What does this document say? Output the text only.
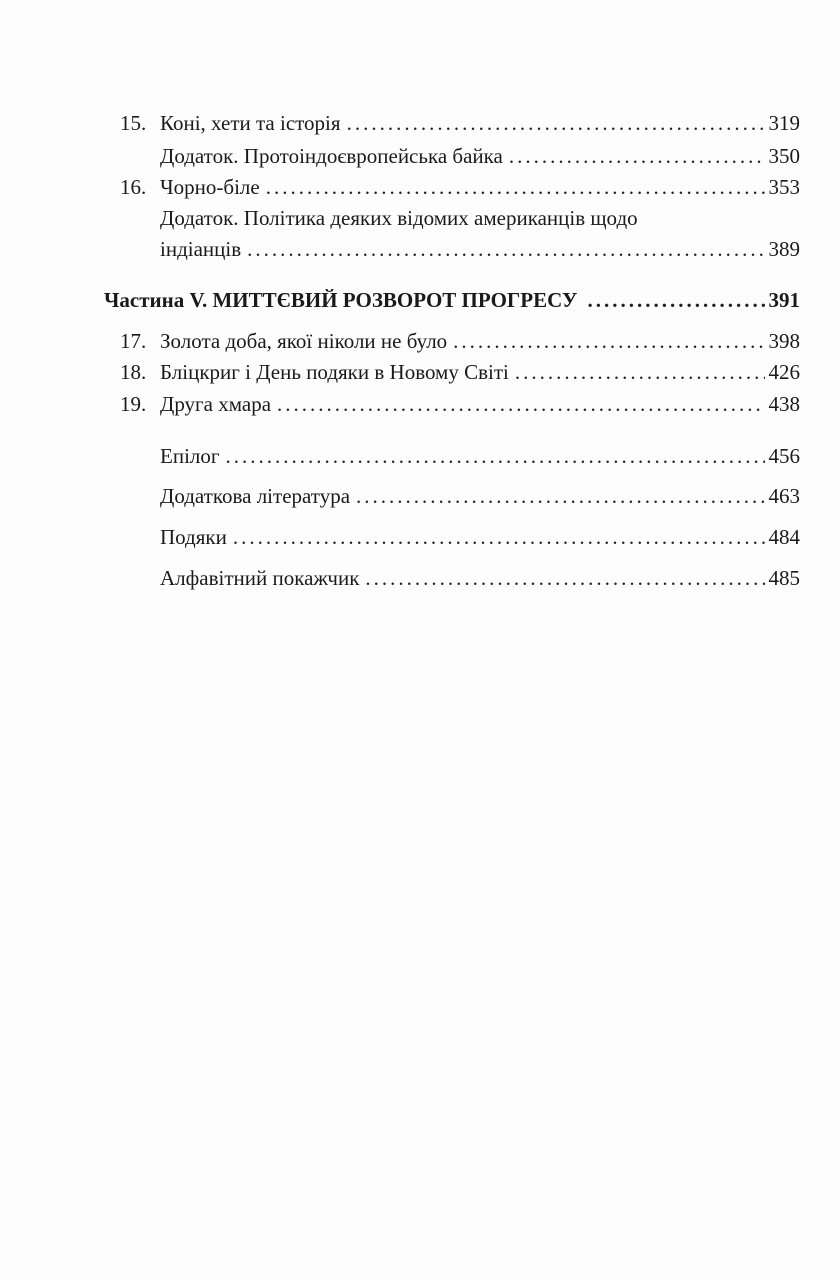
15. Коні, хети та історія .....	319
Додаток. Протоіндоєвропейська байка .....	350
16. Чорно-біле .....	353
Додаток. Політика деяких відомих американців щодо
індіанців .....	389
Частина V. МИТТЄВИЙ РОЗВОРОТ ПРОГРЕСУ .....	391
17. Золота доба, якої ніколи не було .....	398
18. Бліцкриг і День подяки в Новому Світі .....	426
19. Друга хмара .....	438
Епілог .....	456
Додаткова література .....	463
Подяки .....	484
Алфавітний покажчик .....	485
